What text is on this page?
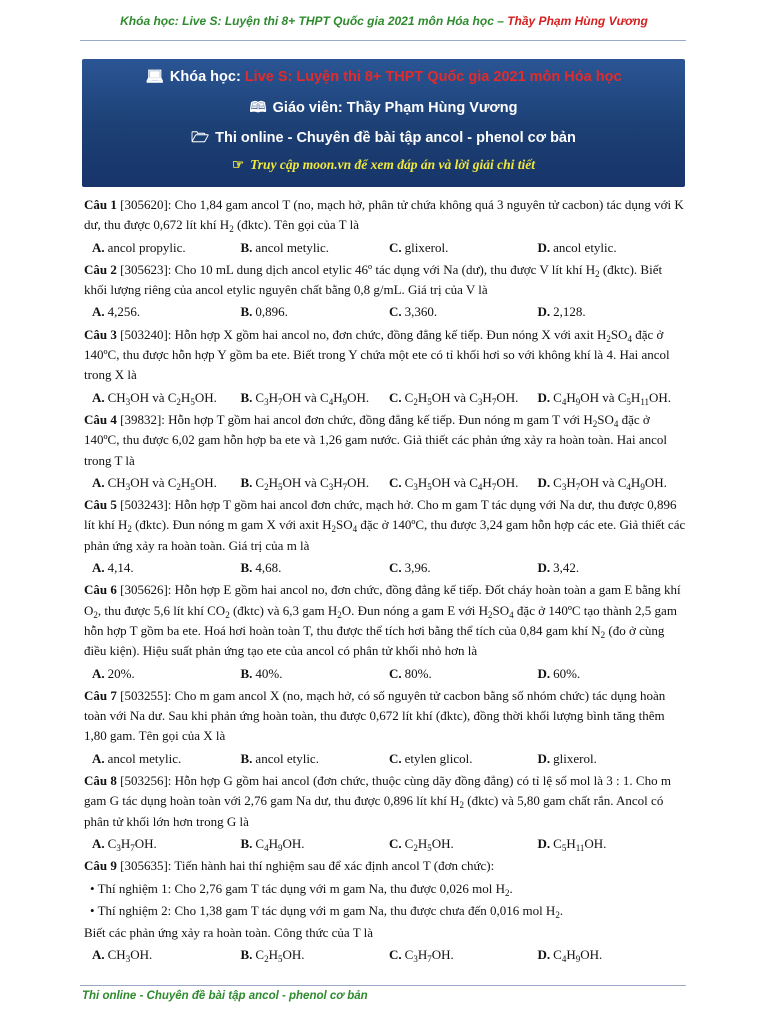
Khóa học: Live S: Luyện thi 8+ THPT Quốc gia 2021 môn Hóa học – Thầy Phạm Hùng Vương
💻︎ Khóa học: Live S: Luyện thi 8+ THPT Quốc gia 2021 môn Hóa học
🕮 Giáo viên: Thầy Phạm Hùng Vương
🗁 Thi online - Chuyên đề bài tập ancol - phenol cơ bản
☞ Truy cập moon.vn để xem đáp án và lời giải chi tiết

Câu 1 [305620]: Cho 1,84 gam ancol T (no, mạch hở, phân tử chứa không quá 3 nguyên tử cacbon) tác dụng với K dư, thu được 0,672 lít khí $H_2$ (đktc). Tên gọi của T là

A. ancol propylic.	B. ancol metylic.	C. glixerol.	D. ancol etylic.

Câu 2 [305623]: Cho 10 mL dung dịch ancol etylic 46º tác dụng với Na (dư), thu được V lít khí $H_2$ (đktc). Biết khối lượng riêng của ancol etylic nguyên chất bằng 0,8 g/mL. Giá trị của V là

A. 4,256.	B. 0,896.	C. 3,360.	D. 2,128.

Câu 3 [503240]: Hỗn hợp X gồm hai ancol no, đơn chức, đồng đẳng kế tiếp. Đun nóng X với axit $H_2SO_4$ đặc ở 140ºC, thu được hỗn hợp Y gồm ba ete. Biết trong Y chứa một ete có tỉ khối hơi so với không khí là 4. Hai ancol trong X là

A. $CH_3OH$ và $C_2H_5OH$.	B. $C_3H_7OH$ và $C_4H_9OH$.	C. $C_2H_5OH$ và $C_3H_7OH$.	D. $C_4H_9OH$ và $C_5H_{11}OH$.

Câu 4 [39832]: Hỗn hợp T gồm hai ancol đơn chức, đồng đẳng kế tiếp. Đun nóng m gam T với $H_2SO_4$ đặc ở 140ºC, thu được 6,02 gam hỗn hợp ba ete và 1,26 gam nước. Giả thiết các phản ứng xảy ra hoàn toàn. Hai ancol trong T là

A. $CH_3OH$ và $C_2H_5OH$.	B. $C_2H_5OH$ và $C_3H_7OH$.	C. $C_3H_5OH$ và $C_4H_7OH$.	D. $C_3H_7OH$ và $C_4H_9OH$.

Câu 5 [503243]: Hỗn hợp T gồm hai ancol đơn chức, mạch hở. Cho m gam T tác dụng với Na dư, thu được 0,896 lít khí $H_2$ (đktc). Đun nóng m gam X với axit $H_2SO_4$ đặc ở 140ºC, thu được 3,24 gam hỗn hợp các ete. Giả thiết các phản ứng xảy ra hoàn toàn. Giá trị của m là

A. 4,14.	B. 4,68.	C. 3,96.	D. 3,42.

Câu 6 [305626]: Hỗn hợp E gồm hai ancol no, đơn chức, đồng đẳng kế tiếp. Đốt cháy hoàn toàn a gam E bằng khí $O_2$, thu được 5,6 lít khí $CO_2$ (đktc) và 6,3 gam $H_2O$. Đun nóng a gam E với $H_2SO_4$ đặc ở 140ºC tạo thành 2,5 gam hỗn hợp T gồm ba ete. Hoá hơi hoàn toàn T, thu được thể tích hơi bằng thể tích của 0,84 gam khí $N_2$ (đo ở cùng điều kiện). Hiệu suất phản ứng tạo ete của ancol có phân tử khối nhỏ hơn là

A. 20%.	B. 40%.	C. 80%.	D. 60%.

Câu 7 [503255]: Cho m gam ancol X (no, mạch hở, có số nguyên tử cacbon bằng số nhóm chức) tác dụng hoàn toàn với Na dư. Sau khi phản ứng hoàn toàn, thu được 0,672 lít khí (đktc), đồng thời khối lượng bình tăng thêm 1,80 gam. Tên gọi của X là

A. ancol metylic.	B. ancol etylic.	C. etylen glicol.	D. glixerol.

Câu 8 [503256]: Hỗn hợp G gồm hai ancol (đơn chức, thuộc cùng dãy đồng đẳng) có tỉ lệ số mol là 3 : 1. Cho m gam G tác dụng hoàn toàn với 2,76 gam Na dư, thu được 0,896 lít khí $H_2$ (đktc) và 5,80 gam chất rắn. Ancol có phân tử khối lớn hơn trong G là

A. $C_3H_7OH$.	B. $C_4H_9OH$.	C. $C_2H_5OH$.	D. $C_5H_{11}OH$.

Câu 9 [305635]: Tiến hành hai thí nghiệm sau để xác định ancol T (đơn chức):

• Thí nghiệm 1: Cho 2,76 gam T tác dụng với m gam Na, thu được 0,026 mol $H_2$.
• Thí nghiệm 2: Cho 1,38 gam T tác dụng với m gam Na, thu được chưa đến 0,016 mol $H_2$.

Biết các phản ứng xảy ra hoàn toàn. Công thức của T là

A. $CH_3OH$.	B. $C_2H_5OH$.	C. $C_3H_7OH$.	D. $C_4H_9OH$.
Thi online - Chuyên đề bài tập ancol - phenol cơ bản
